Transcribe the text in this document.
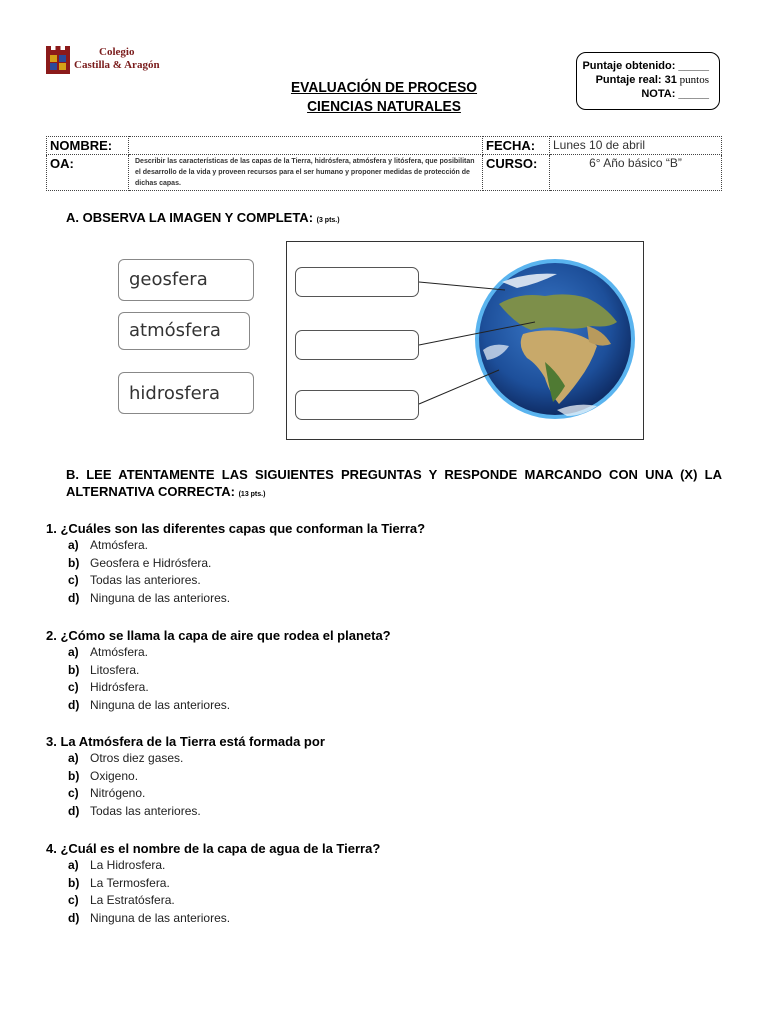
Colegio
Castilla & Aragón
EVALUACIÓN DE PROCESO
CIENCIAS NATURALES
Puntaje obtenido: _____
Puntaje real: 31 puntos
NOTA: _____
NOMBRE:		FECHA:	Lunes 10 de abril
OA:	Describir las características de las capas de la Tierra, hidrósfera, atmósfera y litósfera, que posibilitan el desarrollo de la vida y proveen recursos para el ser humano y proponer medidas de protección de dichas capas.	CURSO:	6° Año básico “B”
A. OBSERVA LA IMAGEN Y COMPLETA: (3 pts.)
geosfera
atmósfera
hidrosfera
B. LEE ATENTAMENTE LAS SIGUIENTES PREGUNTAS Y RESPONDE MARCANDO CON UNA (X) LA ALTERNATIVA CORRECTA: (13 pts.)
1. ¿Cuáles son las diferentes capas que conforman la Tierra?
a) Atmósfera.
b) Geosfera e Hidrósfera.
c) Todas las anteriores.
d) Ninguna de las anteriores.
2. ¿Cómo se llama la capa de aire que rodea el planeta?
a) Atmósfera.
b) Litosfera.
c) Hidrósfera.
d) Ninguna de las anteriores.
3. La Atmósfera de la Tierra está formada por
a) Otros diez gases.
b) Oxigeno.
c) Nitrógeno.
d) Todas las anteriores.
4. ¿Cuál es el nombre de la capa de agua de la Tierra?
a) La Hidrosfera.
b) La Termosfera.
c) La Estratósfera.
d) Ninguna de las anteriores.
